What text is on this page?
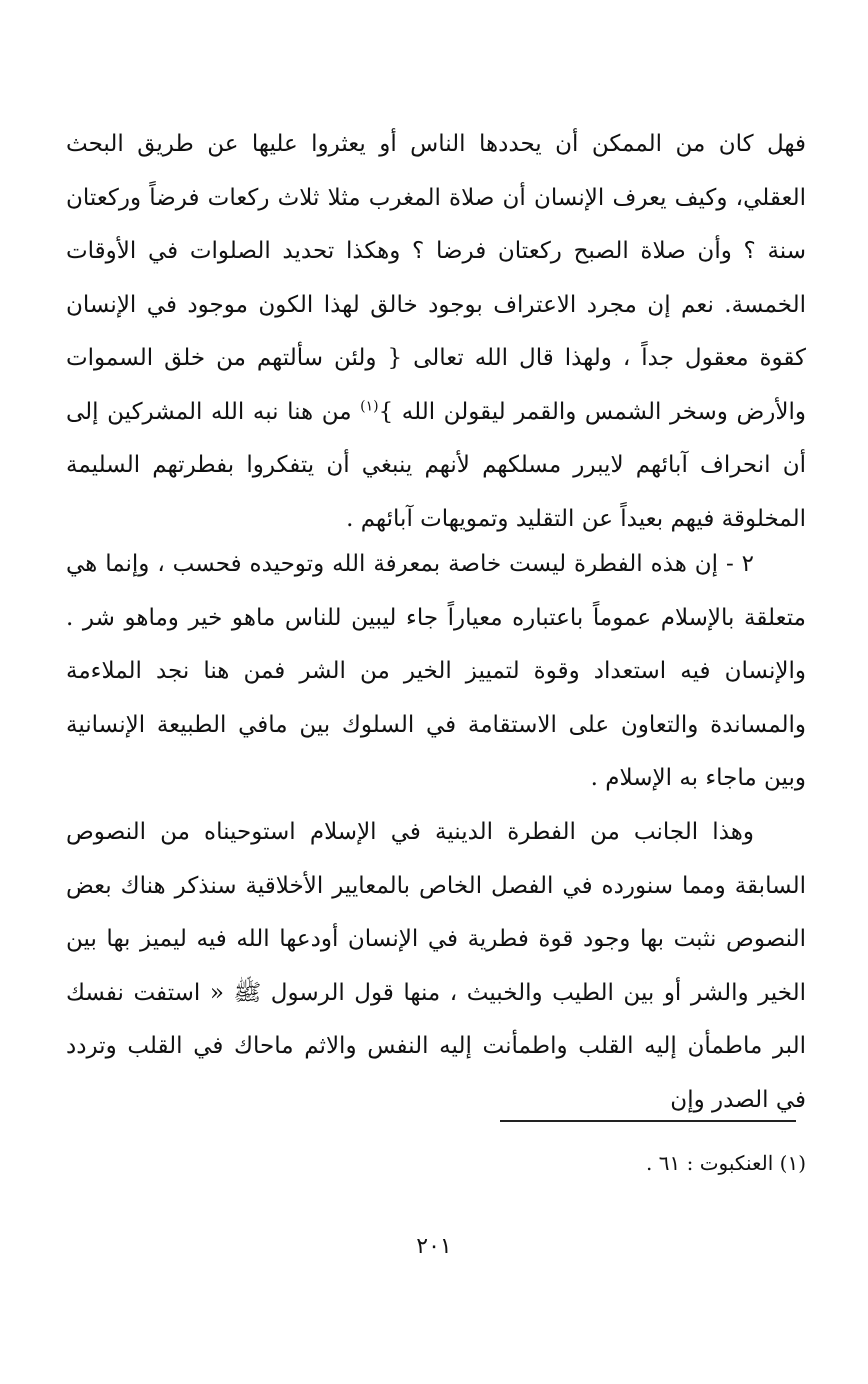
فهل كان من الممكن أن يحددها الناس أو يعثروا عليها عن طريق البحث العقلي، وكيف يعرف الإنسان أن صلاة المغرب مثلا ثلاث ركعات فرضاً وركعتان سنة ؟ وأن صلاة الصبح ركعتان فرضا ؟ وهكذا تحديد الصلوات في الأوقات الخمسة. نعم إن مجرد الاعتراف بوجود خالق لهذا الكون موجود في الإنسان كقوة معقول جداً ، ولهذا قال الله تعالى { ولئن سألتهم من خلق السموات والأرض وسخر الشمس والقمر ليقولن الله }$^{(١)}$ من هنا نبه الله المشركين إلى أن انحراف آبائهم لايبرر مسلكهم لأنهم ينبغي أن يتفكروا بفطرتهم السليمة المخلوقة فيهم بعيداً عن التقليد وتمويهات آبائهم .

٢ - إن هذه الفطرة ليست خاصة بمعرفة الله وتوحيده فحسب ، وإنما هي متعلقة بالإسلام عموماً باعتباره معياراً جاء ليبين للناس ماهو خير وماهو شر . والإنسان فيه استعداد وقوة لتمييز الخير من الشر فمن هنا نجد الملاءمة والمساندة والتعاون على الاستقامة في السلوك بين مافي الطبيعة الإنسانية وبين ماجاء به الإسلام .

وهذا الجانب من الفطرة الدينية في الإسلام استوحيناه من النصوص السابقة ومما سنورده في الفصل الخاص بالمعايير الأخلاقية سنذكر هناك بعض النصوص نثبت بها وجود قوة فطرية في الإنسان أودعها الله فيه ليميز بها بين الخير والشر أو بين الطيب والخبيث ، منها قول الرسول ﷺ « استفت نفسك البر ماطمأن إليه القلب واطمأنت إليه النفس والاثم ماحاك في القلب وتردد في الصدر وإن

(١) العنكبوت : ٦١ .
٢٠١
